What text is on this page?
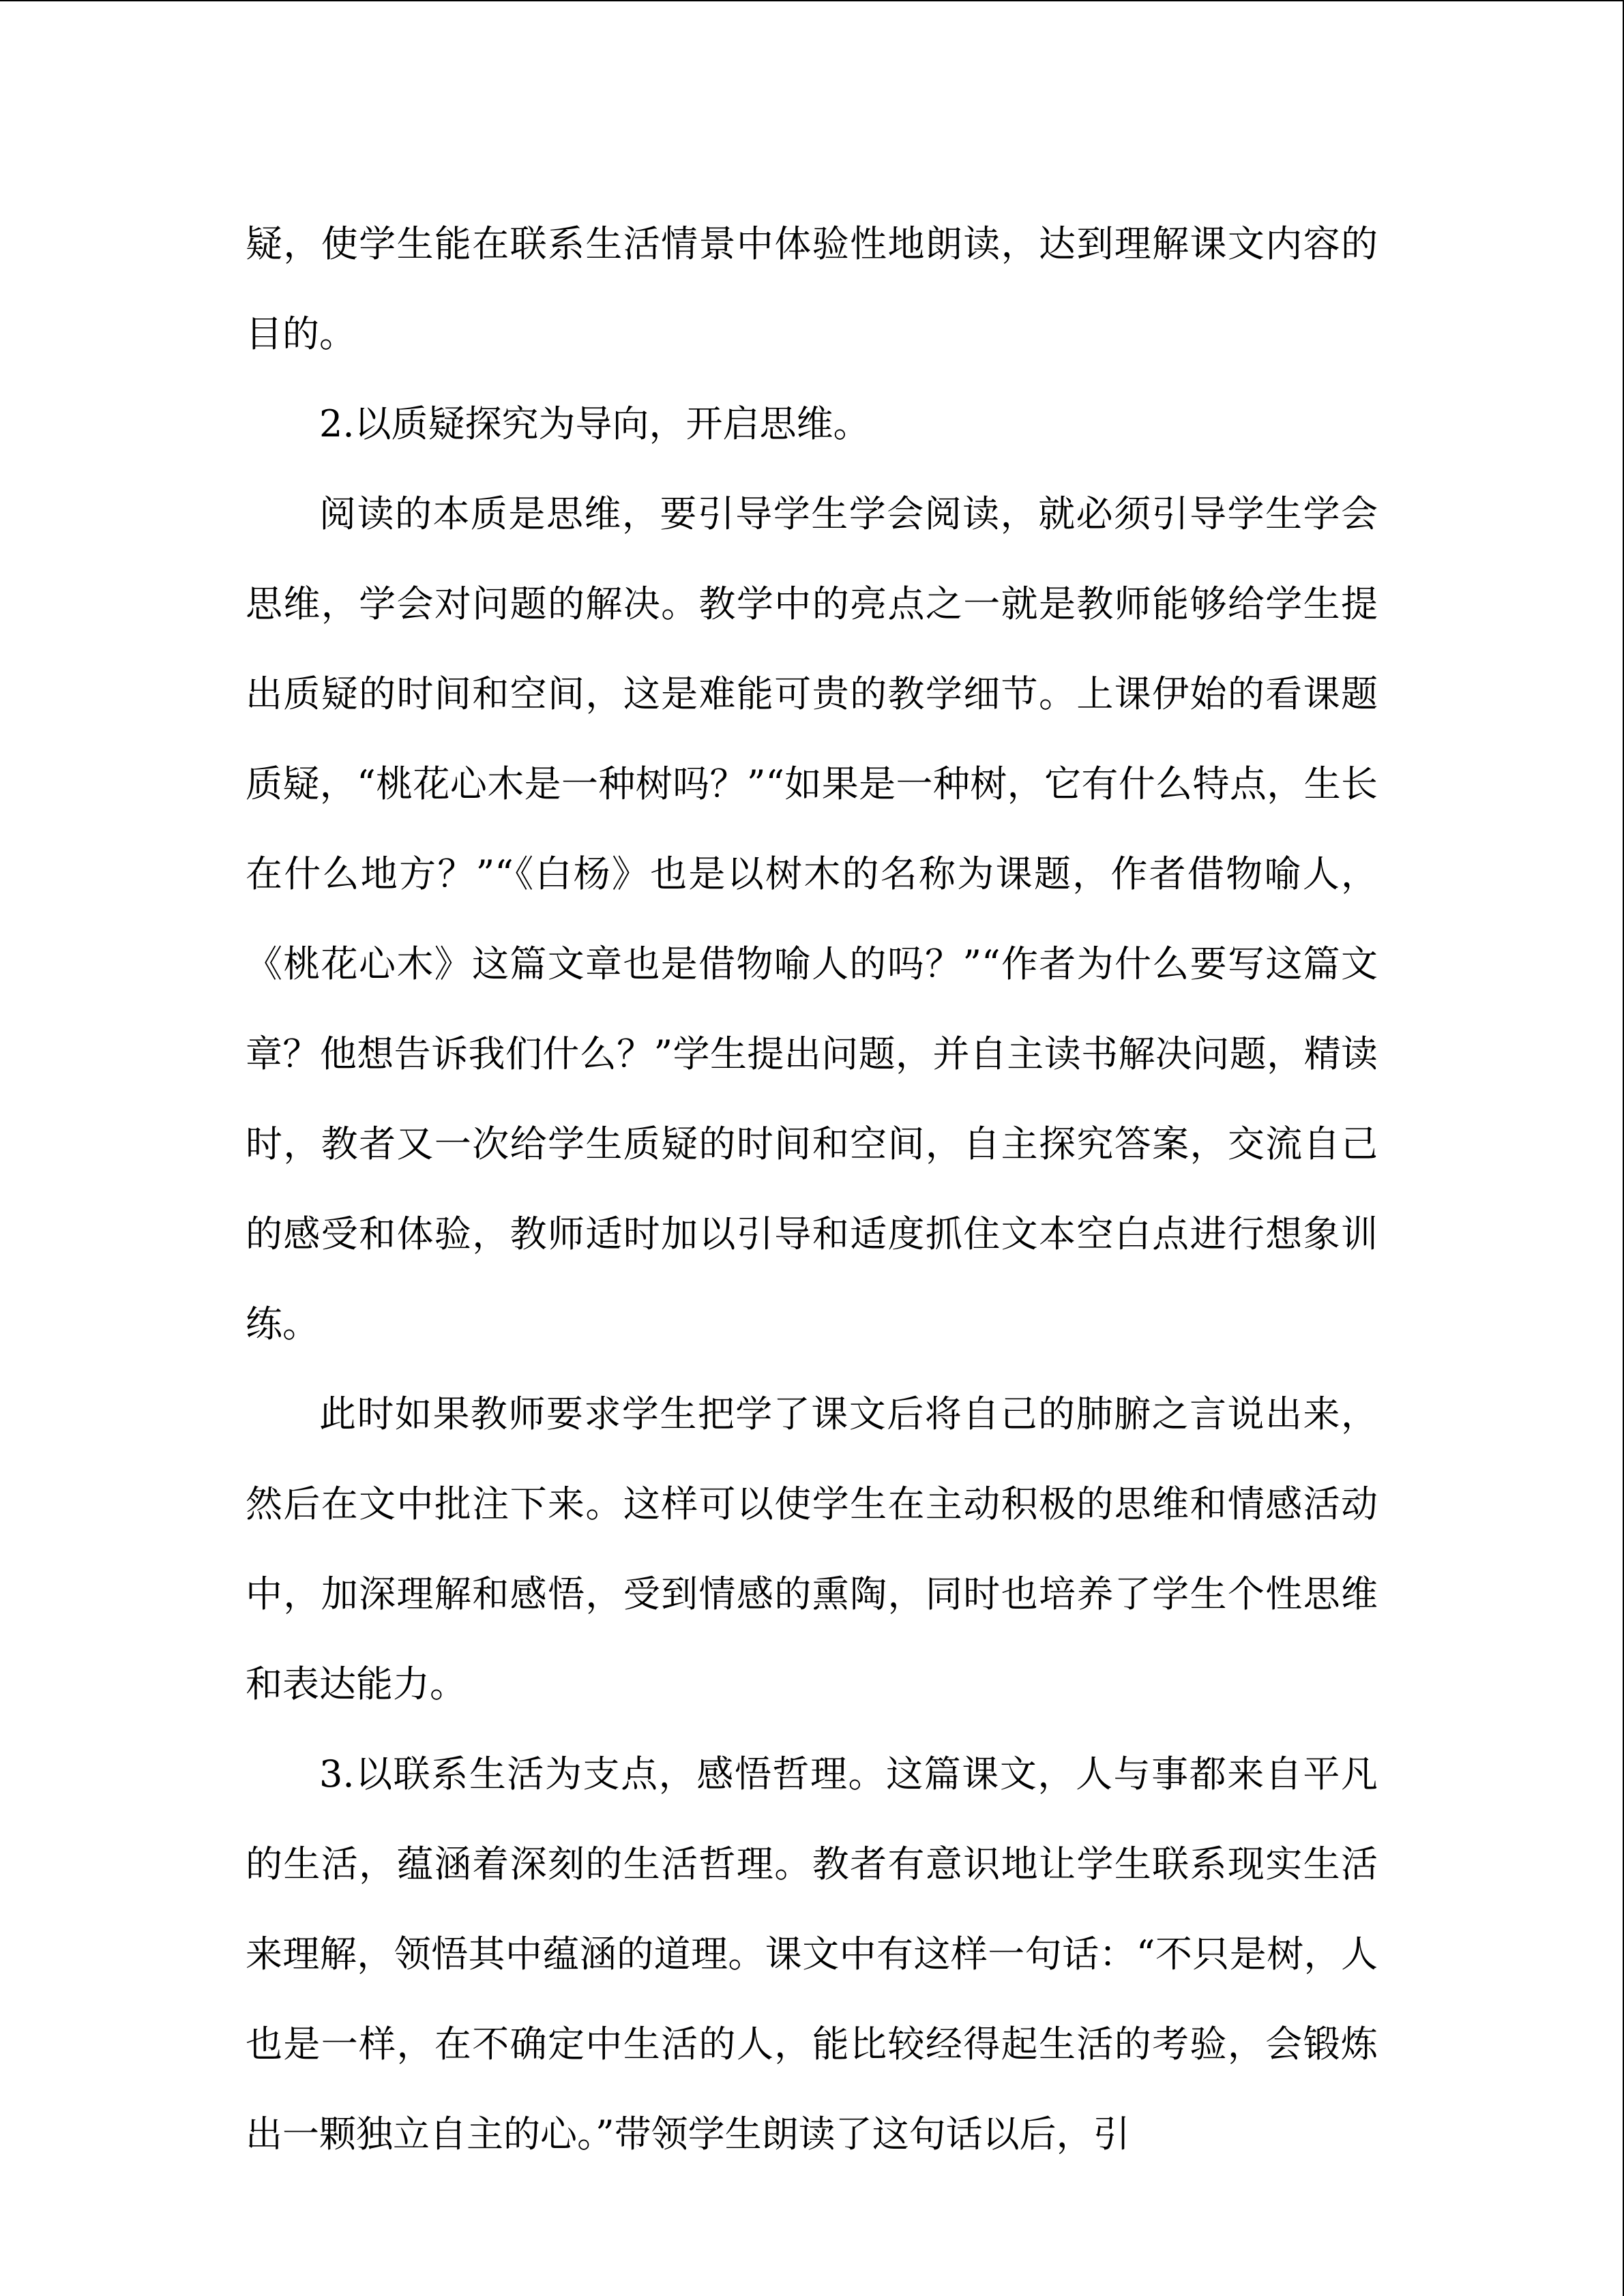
疑，使学生能在联系生活情景中体验性地朗读，达到理解课文内容的目的。

2.以质疑探究为导向，开启思维。

阅读的本质是思维，要引导学生学会阅读，就必须引导学生学会思维，学会对问题的解决。教学中的亮点之一就是教师能够给学生提出质疑的时间和空间，这是难能可贵的教学细节。上课伊始的看课题质疑，“桃花心木是一种树吗？”“如果是一种树，它有什么特点，生长在什么地方？”“《白杨》也是以树木的名称为课题，作者借物喻人，《桃花心木》这篇文章也是借物喻人的吗？”“作者为什么要写这篇文章？他想告诉我们什么？”学生提出问题，并自主读书解决问题，精读时，教者又一次给学生质疑的时间和空间，自主探究答案，交流自己的感受和体验，教师适时加以引导和适度抓住文本空白点进行想象训练。

此时如果教师要求学生把学了课文后将自己的肺腑之言说出来，然后在文中批注下来。这样可以使学生在主动积极的思维和情感活动中，加深理解和感悟，受到情感的熏陶，同时也培养了学生个性思维和表达能力。

3.以联系生活为支点，感悟哲理。这篇课文，人与事都来自平凡的生活，蕴涵着深刻的生活哲理。教者有意识地让学生联系现实生活来理解，领悟其中蕴涵的道理。课文中有这样一句话：“不只是树，人也是一样，在不确定中生活的人，能比较经得起生活的考验，会锻炼出一颗独立自主的心。”带领学生朗读了这句话以后，引
